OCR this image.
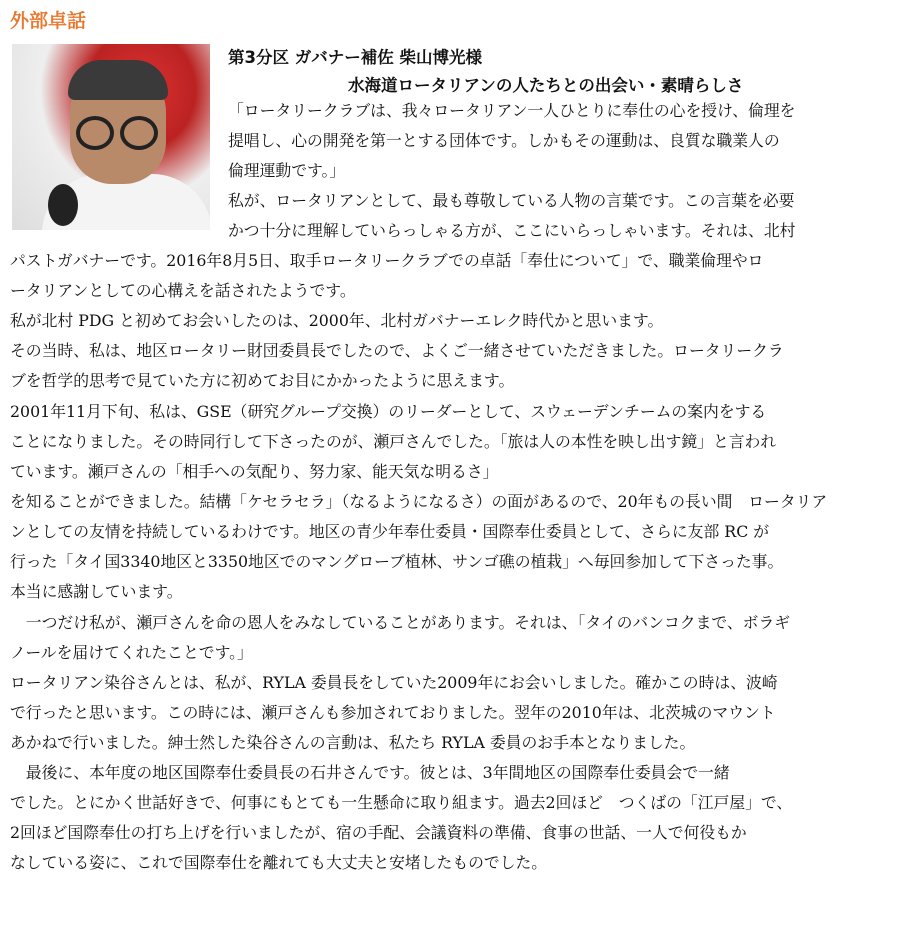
外部卓話
第3分区 ガバナー補佐 柴山博光様
水海道ロータリアンの人たちとの出会い・素晴らしさ
「ロータリークラブは、我々ロータリアン一人ひとりに奉仕の心を授け、倫理を
提唱し、心の開発を第一とする団体です。しかもその運動は、良質な職業人の
倫理運動です。」
私が、ロータリアンとして、最も尊敬している人物の言葉です。この言葉を必要
かつ十分に理解していらっしゃる方が、ここにいらっしゃいます。それは、北村
パストガバナーです。2016年8月5日、取手ロータリークラブでの卓話「奉仕について」で、職業倫理やロ
ータリアンとしての心構えを話されたようです。
私が北村 PDG と初めてお会いしたのは、2000年、北村ガバナーエレク時代かと思います。
その当時、私は、地区ロータリー財団委員長でしたので、よくご一緒させていただきました。ロータリークラ
ブを哲学的思考で見ていた方に初めてお目にかかったように思えます。
2001年11月下旬、私は、GSE（研究グループ交換）のリーダーとして、スウェーデンチームの案内をする
ことになりました。その時同行して下さったのが、瀬戸さんでした。「旅は人の本性を映し出す鏡」と言われ
ています。瀬戸さんの「相手への気配り、努力家、能天気な明るさ」
を知ることができました。結構「ケセラセラ」（なるようになるさ）の面があるので、20年もの長い間　ロータリア
ンとしての友情を持続しているわけです。地区の青少年奉仕委員・国際奉仕委員として、さらに友部 RC が
行った「タイ国3340地区と3350地区でのマングローブ植林、サンゴ礁の植栽」へ毎回参加して下さった事。
本当に感謝しています。
　一つだけ私が、瀬戸さんを命の恩人をみなしていることがあります。それは、「タイのバンコクまで、ボラギ
ノールを届けてくれたことです。」
ロータリアン染谷さんとは、私が、RYLA 委員長をしていた2009年にお会いしました。確かこの時は、波崎
で行ったと思います。この時には、瀬戸さんも参加されておりました。翌年の2010年は、北茨城のマウント
あかねで行いました。紳士然した染谷さんの言動は、私たち RYLA 委員のお手本となりました。
　最後に、本年度の地区国際奉仕委員長の石井さんです。彼とは、3年間地区の国際奉仕委員会で一緒
でした。とにかく世話好きで、何事にもとても一生懸命に取り組ます。過去2回ほど　つくばの「江戸屋」で、
2回ほど国際奉仕の打ち上げを行いましたが、宿の手配、会議資料の準備、食事の世話、一人で何役もか
なしている姿に、これで国際奉仕を離れても大丈夫と安堵したものでした。
